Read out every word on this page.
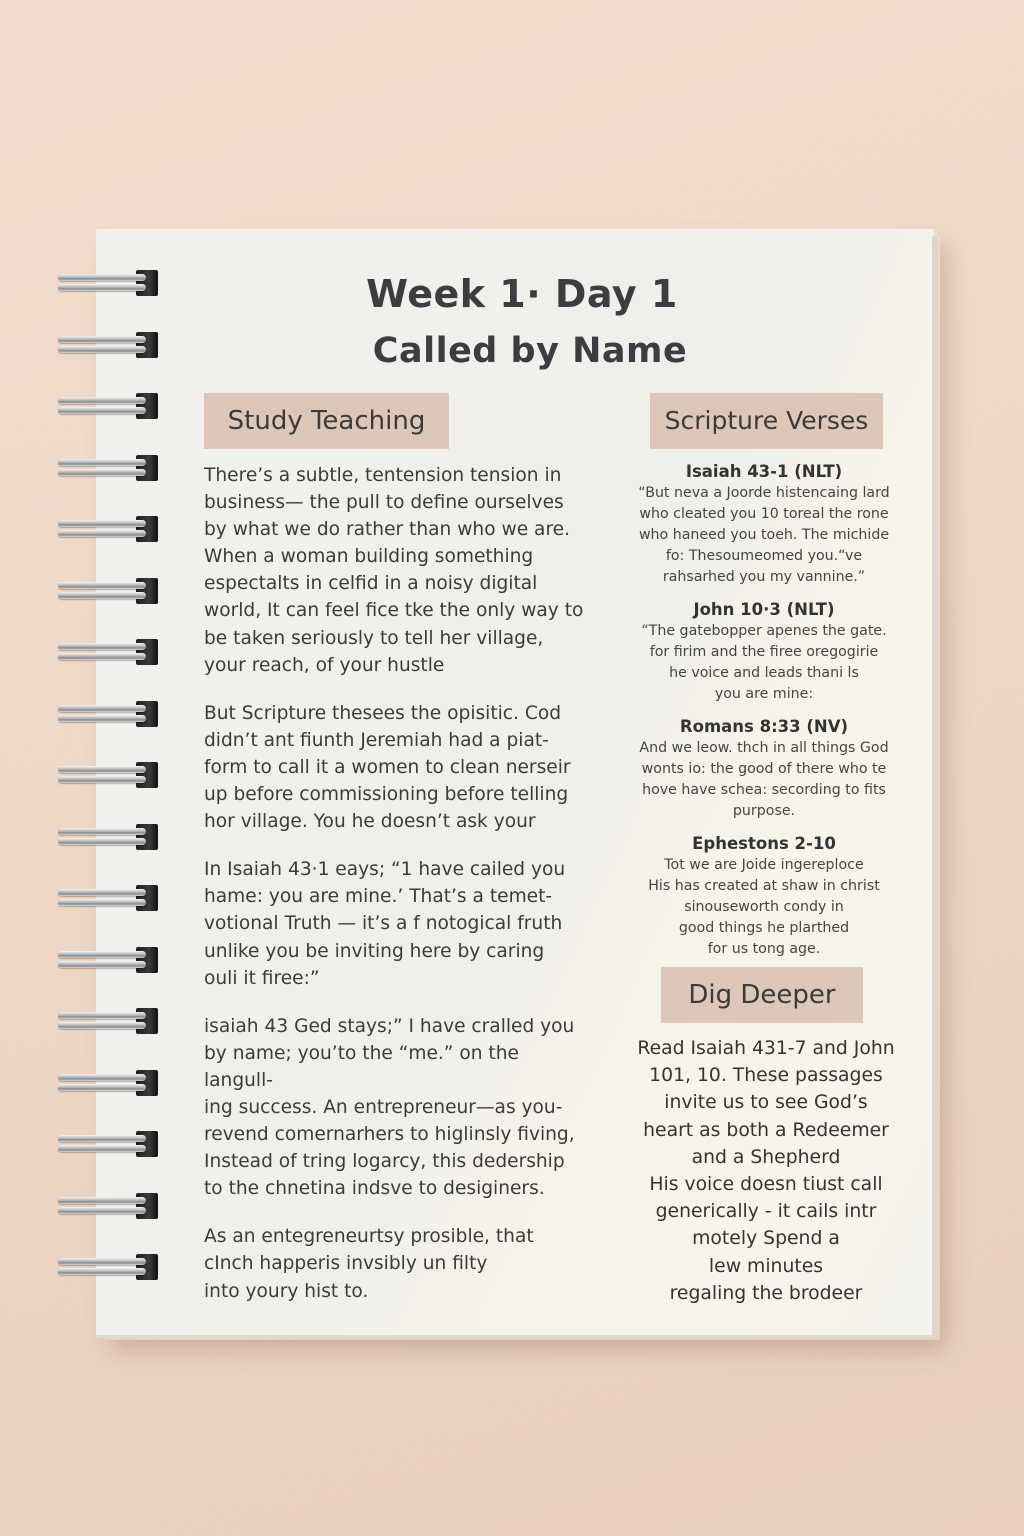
Week 1· Day 1
Called by Name
Study Teaching	Scripture Verses

There’s a subtle, tentension tension in
business— the pull to define ourselves
by what we do rather than who we are.
When a woman building something
espectalts in celfid in a noisy digital
world, It can feel fice tke the only way to
be taken seriously to tell her village,
your reach, of your hustle

But Scripture thesees the opisitic. Cod
didn’t ant fiunth Jeremiah had a piat-
form to call it a women to clean nerseir
up before commissioning before telling
hor village. You he doesn’t ask your

In Isaiah 43·1 eays; “1 have cailed you
hame: you are mine.’ That’s a temet-
votional Truth — it’s a f notogical fruth
unlike you be inviting here by caring
ouli it firee:”

isaiah 43 Ged stays;” I have cralled you
by name; you’to the “me.” on the langull-
ing success. An entrepreneur—as you-
revend comernarhers to higlinsly fiving,
Instead of tring logarcy, this dedership
to the chnetina indsve to desiginers.

As an entegreneurtsy prosible, that
cInch happeris invsibly un filty
into youry hist to.

Isaiah 43-1 (NLT)
“But neva a Joorde histencaing lard
who cleated you 10 toreal the rone
who haneed you toeh. The michide
fo: Thesoumeomed you.“ve
rahsarhed you my vannine.”
John 10·3 (NLT)
“The gatebopper apenes the gate.
for firim and the firee oregogirie
he voice and leads thani ls
you are mine:
Romans 8:33 (NV)
And we leow. thch in all things God
wonts io: the good of there who te
hove have schea: secording to fits
purpose.
Ephestons 2-10
Tot we are Joide ingereploce
His has created at shaw in christ
sinouseworth condy in
good things he plarthed
for us tong age.
Dig Deeper
Read Isaiah 431-7 and John
101, 10. These passages
invite us to see God’s
heart as both a Redeemer
and a Shepherd
His voice doesn tiust call
generically - it cails intr
motely Spend a
lew minutes
regaling the brodeer
